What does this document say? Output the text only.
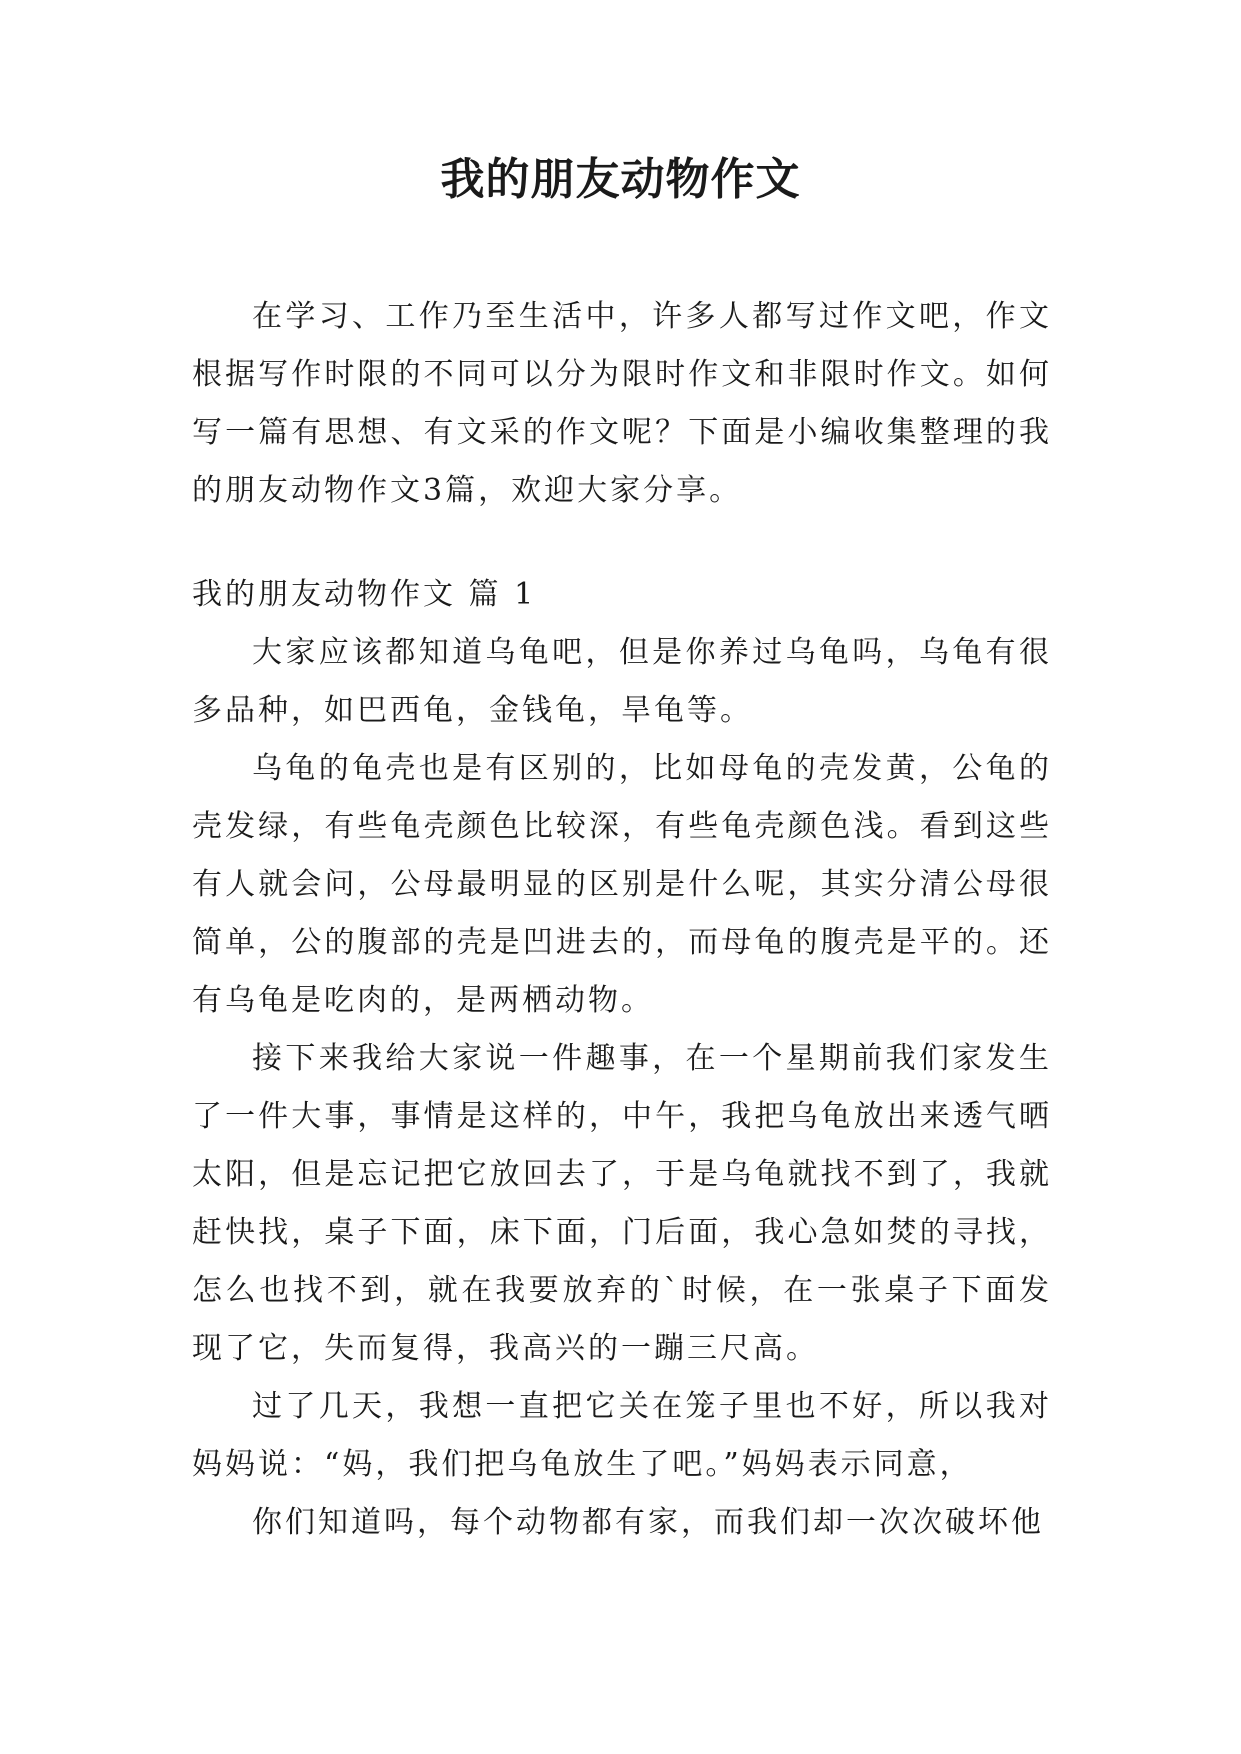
我的朋友动物作文

在学习、工作乃至生活中，许多人都写过作文吧，作文根据写作时限的不同可以分为限时作文和非限时作文。如何写一篇有思想、有文采的作文呢？下面是小编收集整理的我的朋友动物作文3篇，欢迎大家分享。

我的朋友动物作文 篇 1

大家应该都知道乌龟吧，但是你养过乌龟吗，乌龟有很多品种，如巴西龟，金钱龟，旱龟等。

乌龟的龟壳也是有区别的，比如母龟的壳发黄，公龟的壳发绿，有些龟壳颜色比较深，有些龟壳颜色浅。看到这些有人就会问，公母最明显的区别是什么呢，其实分清公母很简单，公的腹部的壳是凹进去的，而母龟的腹壳是平的。还有乌龟是吃肉的，是两栖动物。

接下来我给大家说一件趣事，在一个星期前我们家发生了一件大事，事情是这样的，中午，我把乌龟放出来透气晒太阳，但是忘记把它放回去了，于是乌龟就找不到了，我就赶快找，桌子下面，床下面，门后面，我心急如焚的寻找，怎么也找不到，就在我要放弃的`时候，在一张桌子下面发现了它，失而复得，我高兴的一蹦三尺高。

过了几天，我想一直把它关在笼子里也不好，所以我对妈妈说：“妈，我们把乌龟放生了吧。”妈妈表示同意，

你们知道吗，每个动物都有家，而我们却一次次破坏他
